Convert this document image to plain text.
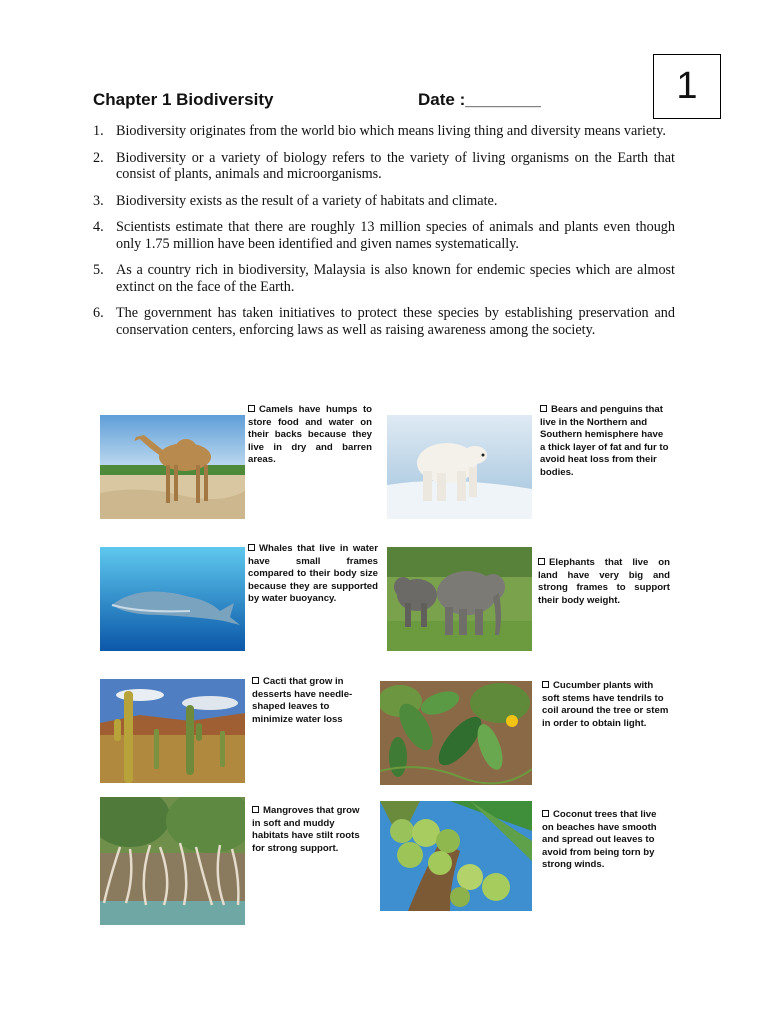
1
Chapter 1 Biodiversity	Date :________
1. Biodiversity originates from the world bio which means living thing and diversity means variety.
2. Biodiversity or a variety of biology refers to the variety of living organisms on the Earth that consist of plants, animals and microorganisms.
3. Biodiversity exists as the result of a variety of habitats and climate.
4. Scientists estimate that there are roughly 13 million species of animals and plants even though only 1.75 million have been identified and given names systematically.
5. As a country rich in biodiversity, Malaysia is also known for endemic species which are almost extinct on the face of the Earth.
6. The government has taken initiatives to protect these species by establishing preservation and conservation centers, enforcing laws as well as raising awareness among the society.
Camels have humps to store food and water on their backs because they live in dry and barren areas.
Bears and penguins that live in the Northern and Southern hemisphere have a thick layer of fat and fur to avoid heat loss from their bodies.
Whales that live in water have small frames compared to their body size because they are supported by water buoyancy.
Elephants that live on land have very big and strong frames to support their body weight.
Cacti that grow in desserts have needle-shaped leaves to minimize water loss
Cucumber plants with soft stems have tendrils to coil around the tree or stem in order to obtain light.
Mangroves that grow in soft and muddy habitats have stilt roots for strong support.
Coconut trees that live on beaches have smooth and spread out leaves to avoid from being torn by strong winds.
